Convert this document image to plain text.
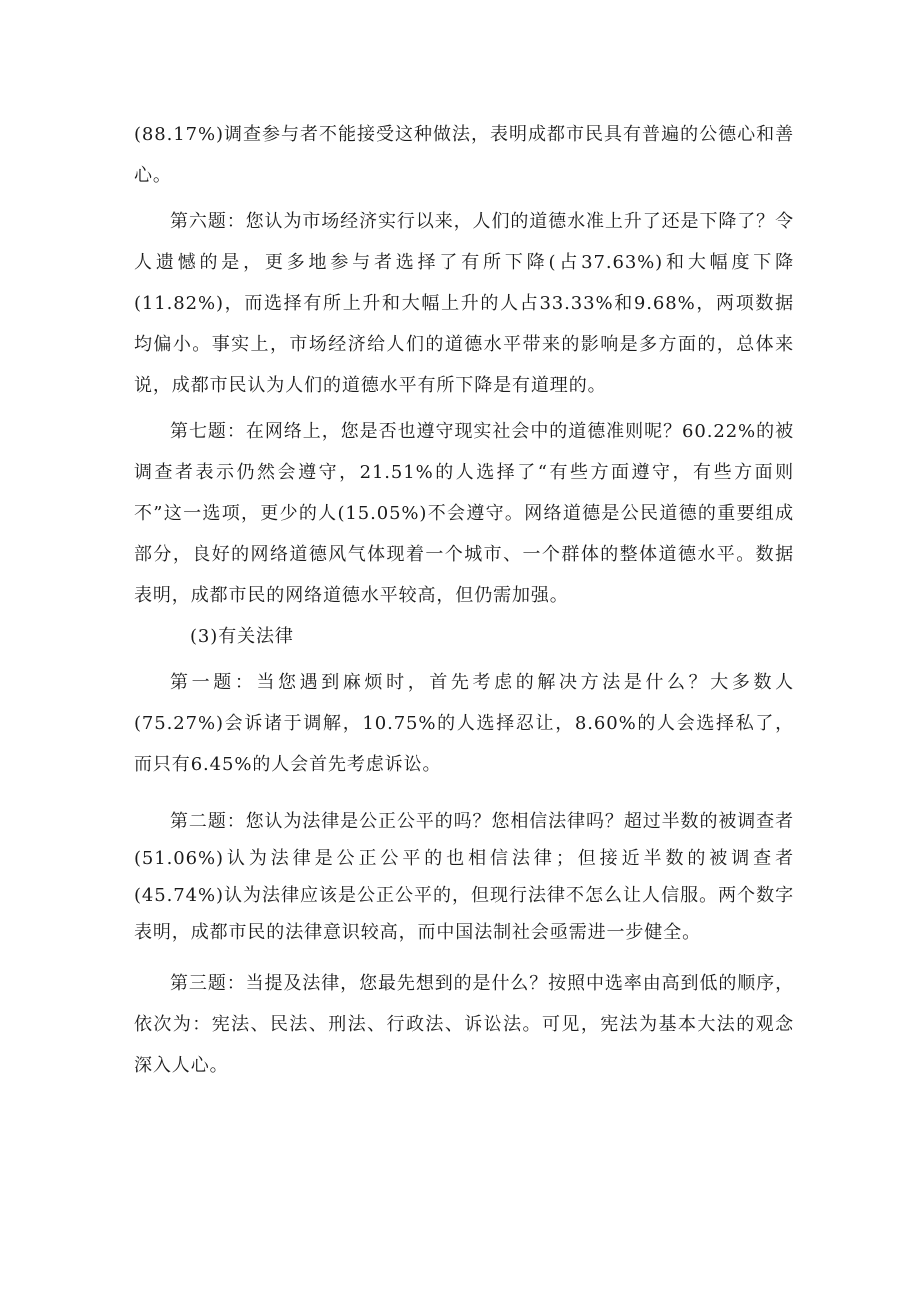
(88.17%)调查参与者不能接受这种做法，表明成都市民具有普遍的公德心和善心。

第六题：您认为市场经济实行以来，人们的道德水准上升了还是下降了？令人遗憾的是，更多地参与者选择了有所下降(占37.63%)和大幅度下降(11.82%)，而选择有所上升和大幅上升的人占33.33%和9.68%，两项数据均偏小。事实上，市场经济给人们的道德水平带来的影响是多方面的，总体来说，成都市民认为人们的道德水平有所下降是有道理的。

第七题：在网络上，您是否也遵守现实社会中的道德准则呢？60.22%的被调查者表示仍然会遵守，21.51%的人选择了“有些方面遵守，有些方面则不”这一选项，更少的人(15.05%)不会遵守。网络道德是公民道德的重要组成部分，良好的网络道德风气体现着一个城市、一个群体的整体道德水平。数据表明，成都市民的网络道德水平较高，但仍需加强。

(3)有关法律

第一题：当您遇到麻烦时，首先考虑的解决方法是什么？大多数人(75.27%)会诉诸于调解，10.75%的人选择忍让，8.60%的人会选择私了，而只有6.45%的人会首先考虑诉讼。

第二题：您认为法律是公正公平的吗？您相信法律吗？超过半数的被调查者(51.06%)认为法律是公正公平的也相信法律；但接近半数的被调查者(45.74%)认为法律应该是公正公平的，但现行法律不怎么让人信服。两个数字表明，成都市民的法律意识较高，而中国法制社会亟需进一步健全。

第三题：当提及法律，您最先想到的是什么？按照中选率由高到低的顺序，依次为：宪法、民法、刑法、行政法、诉讼法。可见，宪法为基本大法的观念深入人心。
